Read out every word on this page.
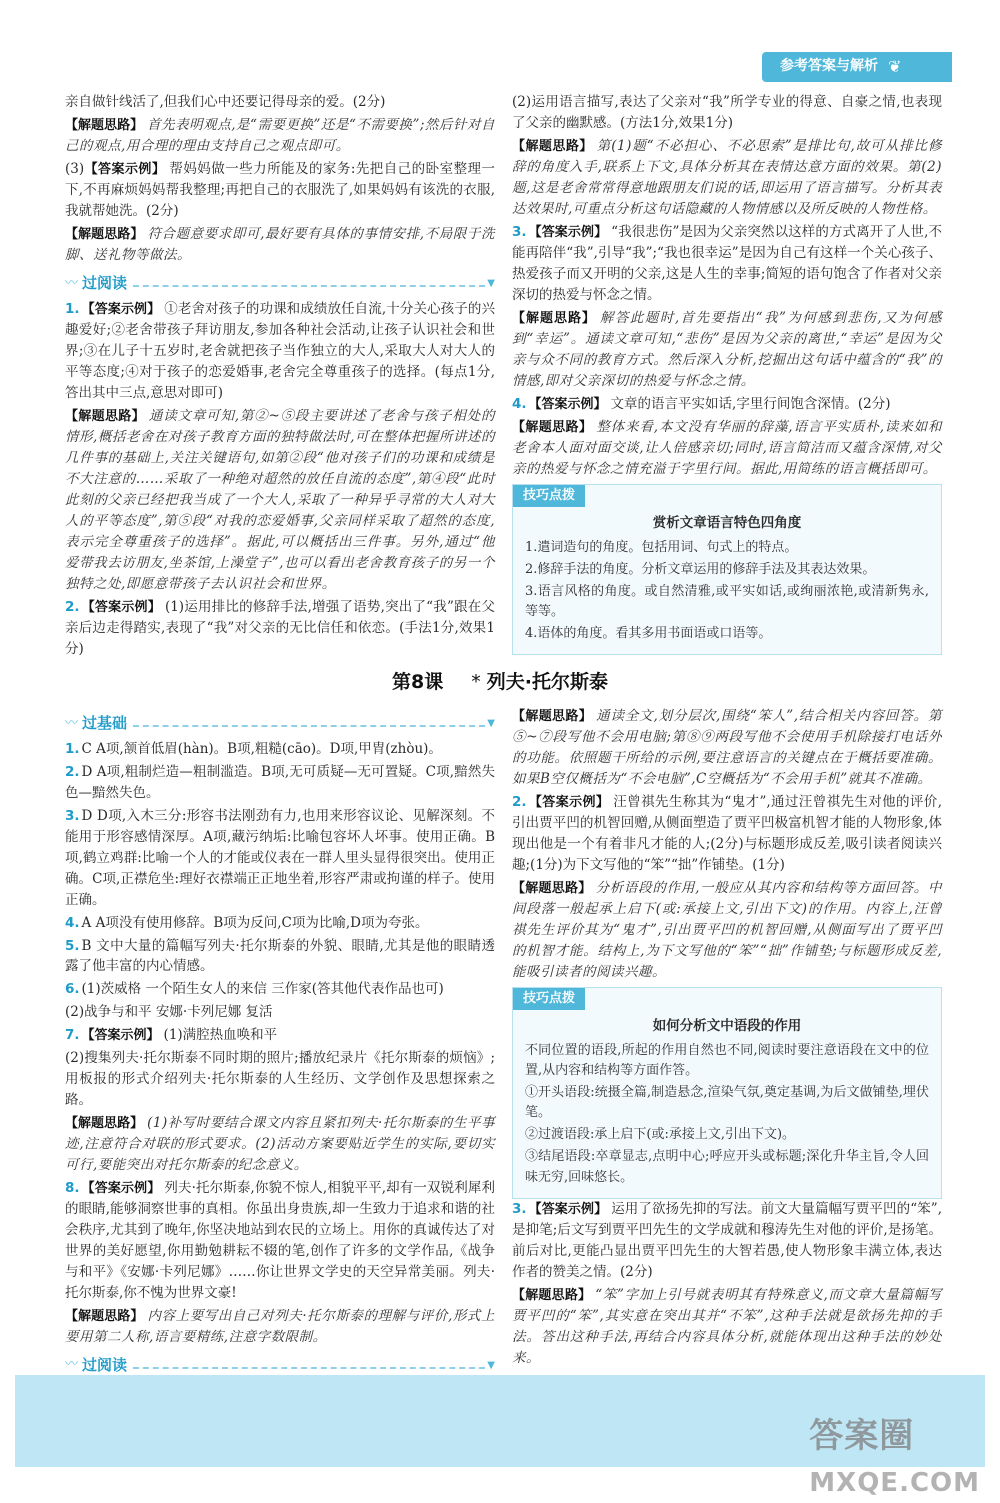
参考答案与解析 ❦

亲自做针线活了,但我们心中还要记得母亲的爱。(2分)

【解题思路】 首先表明观点,是“需要更换”还是“不需要换”;然后针对自己的观点,用合理的理由支持自己之观点即可。

(3)【答案示例】 帮妈妈做一些力所能及的家务:先把自己的卧室整理一下,不再麻烦妈妈帮我整理;再把自己的衣服洗了,如果妈妈有该洗的衣服,我就帮她洗。(2分)

【解题思路】 符合题意要求即可,最好要有具体的事情安排,不局限于洗脚、送礼物等做法。

〰 过阅读	▼

1. 【答案示例】 ①老舍对孩子的功课和成绩放任自流,十分关心孩子的兴趣爱好;②老舍带孩子拜访朋友,参加各种社会活动,让孩子认识社会和世界;③在儿子十五岁时,老舍就把孩子当作独立的大人,采取大人对大人的平等态度;④对于孩子的恋爱婚事,老舍完全尊重孩子的选择。(每点1分,答出其中三点,意思对即可)

【解题思路】 通读文章可知,第②~⑤段主要讲述了老舍与孩子相处的情形,概括老舍在对孩子教育方面的独特做法时,可在整体把握所讲述的几件事的基础上,关注关键语句,如第②段“他对孩子们的功课和成绩是不大注意的……采取了一种绝对超然的放任自流的态度”,第④段“此时此刻的父亲已经把我当成了一个大人,采取了一种异乎寻常的大人对大人的平等态度”,第⑤段“对我的恋爱婚事,父亲同样采取了超然的态度,表示完全尊重孩子的选择”。据此,可以概括出三件事。另外,通过“他爱带我去访朋友,坐茶馆,上澡堂子”,也可以看出老舍教育孩子的另一个独特之处,即愿意带孩子去认识社会和世界。

2. 【答案示例】 (1)运用排比的修辞手法,增强了语势,突出了“我”跟在父亲后边走得踏实,表现了“我”对父亲的无比信任和依恋。(手法1分,效果1分)

(2)运用语言描写,表达了父亲对“我”所学专业的得意、自豪之情,也表现了父亲的幽默感。(方法1分,效果1分)

【解题思路】 第(1)题“不必担心、不必思索”是排比句,故可从排比修辞的角度入手,联系上下文,具体分析其在表情达意方面的效果。第(2)题,这是老舍常常得意地跟朋友们说的话,即运用了语言描写。分析其表达效果时,可重点分析这句话隐藏的人物情感以及所反映的人物性格。

3. 【答案示例】 “我很悲伤”是因为父亲突然以这样的方式离开了人世,不能再陪伴“我”,引导“我”;“我也很幸运”是因为自己有这样一个关心孩子、热爱孩子而又开明的父亲,这是人生的幸事;简短的语句饱含了作者对父亲深切的热爱与怀念之情。

【解题思路】 解答此题时,首先要指出“我”为何感到悲伤,又为何感到“幸运”。通读文章可知,“悲伤”是因为父亲的离世,“幸运”是因为父亲与众不同的教育方式。然后深入分析,挖掘出这句话中蕴含的“我”的情感,即对父亲深切的热爱与怀念之情。

4. 【答案示例】 文章的语言平实如话,字里行间饱含深情。(2分)

【解题思路】 整体来看,本文没有华丽的辞藻,语言平实质朴,读来如和老舍本人面对面交谈,让人倍感亲切;同时,语言简洁而又蕴含深情,对父亲的热爱与怀念之情充溢于字里行间。据此,用简练的语言概括即可。

技巧点拨
赏析文章语言特色四角度

1.遣词造句的角度。包括用词、句式上的特点。

2.修辞手法的角度。分析文章运用的修辞手法及其表达效果。

3.语言风格的角度。或自然清雅,或平实如话,或绚丽浓艳,或清新隽永,等等。

4.语体的角度。看其多用书面语或口语等。

第8课 * 列夫·托尔斯泰
〰 过基础	▼

1. C A项,颔首低眉(hàn)。B项,粗糙(cāo)。D项,甲胄(zhòu)。

2. D A项,粗制烂造—粗制滥造。B项,无可质疑—无可置疑。C项,黯然失色—黯然失色。

3. D D项,入木三分:形容书法刚劲有力,也用来形容议论、见解深刻。不能用于形容感情深厚。A项,藏污纳垢:比喻包容坏人坏事。使用正确。B项,鹤立鸡群:比喻一个人的才能或仪表在一群人里头显得很突出。使用正确。C项,正襟危坐:理好衣襟端正正地坐着,形容严肃或拘谨的样子。使用正确。

4. A A项没有使用修辞。B项为反问,C项为比喻,D项为夸张。

5. B 文中大量的篇幅写列夫·托尔斯泰的外貌、眼睛,尤其是他的眼睛透露了他丰富的内心情感。

6. (1)茨威格 一个陌生女人的来信 三作家(答其他代表作品也可)

(2)战争与和平 安娜·卡列尼娜 复活

7. 【答案示例】 (1)满腔热血唤和平

(2)搜集列夫·托尔斯泰不同时期的照片;播放纪录片《托尔斯泰的烦恼》;用板报的形式介绍列夫·托尔斯泰的人生经历、文学创作及思想探索之路。

【解题思路】 (1)补写时要结合课文内容且紧扣列夫·托尔斯泰的生平事迹,注意符合对联的形式要求。(2)活动方案要贴近学生的实际,要切实可行,要能突出对托尔斯泰的纪念意义。

8. 【答案示例】 列夫·托尔斯泰,你貌不惊人,相貌平平,却有一双锐利犀利的眼睛,能够洞察世事的真相。你虽出身贵族,却一生致力于追求和谐的社会秩序,尤其到了晚年,你坚决地站到农民的立场上。用你的真诚传达了对世界的美好愿望,你用勤勉耕耘不辍的笔,创作了许多的文学作品,《战争与和平》《安娜·卡列尼娜》……你让世界文学史的天空异常美丽。列夫·托尔斯泰,你不愧为世界文豪!

【解题思路】 内容上要写出自己对列夫·托尔斯泰的理解与评价,形式上要用第二人称,语言要精练,注意字数限制。

〰 过阅读	▼

【解题思路】 通读全文,划分层次,围绕“笨人”,结合相关内容回答。第⑤~⑦段写他不会用电脑;第⑧⑨两段写他不会使用手机除接打电话外的功能。依照题干所给的示例,要注意语言的关键点在于概括要准确。如果B空仅概括为“不会电脑”,C空概括为“不会用手机”就其不准确。

2. 【答案示例】 汪曾祺先生称其为“鬼才”,通过汪曾祺先生对他的评价,引出贾平凹的机智回赠,从侧面塑造了贾平凹极富机智才能的人物形象,体现出他是一个有着非凡才能的人;(2分)与标题形成反差,吸引读者阅读兴趣;(1分)为下文写他的“笨”“拙”作铺垫。(1分)

【解题思路】 分析语段的作用,一般应从其内容和结构等方面回答。中间段落一般起承上启下(或:承接上文,引出下文)的作用。内容上,汪曾祺先生评价其为“鬼才”,引出贾平凹的机智回赠,从侧面写出了贾平凹的机智才能。结构上,为下文写他的“笨”“拙”作铺垫;与标题形成反差,能吸引读者的阅读兴趣。

技巧点拨
如何分析文中语段的作用

不同位置的语段,所起的作用自然也不同,阅读时要注意语段在文中的位置,从内容和结构等方面作答。

①开头语段:统摄全篇,制造悬念,渲染气氛,奠定基调,为后文做铺垫,埋伏笔。

②过渡语段:承上启下(或:承接上文,引出下文)。

③结尾语段:卒章显志,点明中心;呼应开头或标题;深化升华主旨,令人回味无穷,回味悠长。

3. 【答案示例】 运用了欲扬先抑的写法。前文大量篇幅写贾平凹的“笨”,是抑笔;后文写到贾平凹先生的文学成就和穆涛先生对他的评价,是扬笔。前后对比,更能凸显出贾平凹先生的大智若愚,使人物形象丰满立体,表达作者的赞美之情。(2分)

【解题思路】 “笨”字加上引号就表明其有特殊意义,而文章大量篇幅写贾平凹的“笨”,其实意在突出其并“不笨”,这种手法就是欲扬先抑的手法。答出这种手法,再结合内容具体分析,就能体现出这种手法的妙处来。

答案圈
MXQE.COM
